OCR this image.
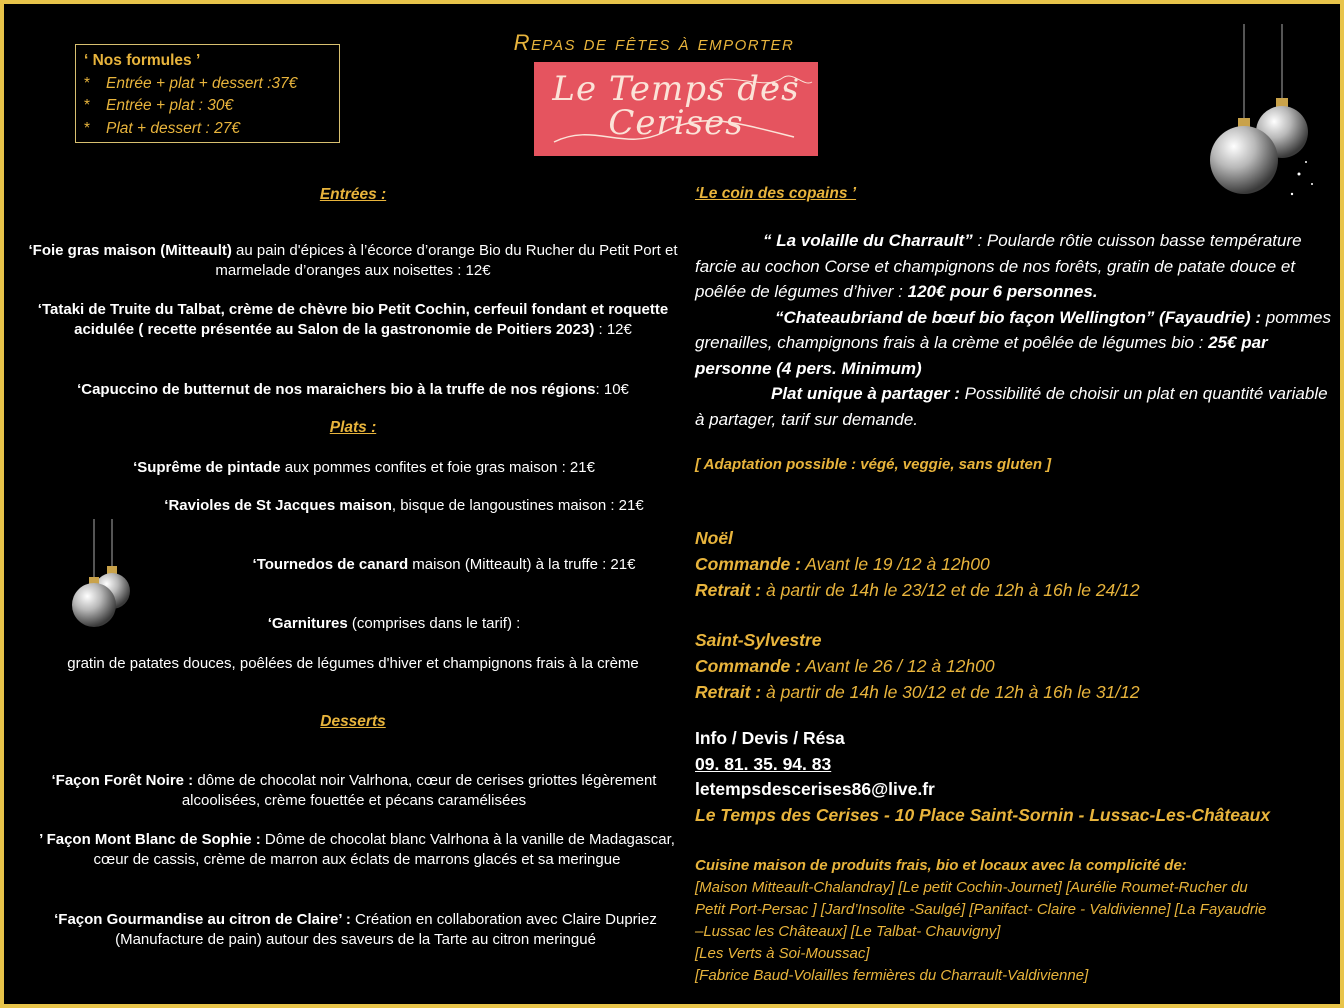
Repas de fêtes à emporter
Le Temps des Cerises
‘ Nos formules ’
* Entrée + plat + dessert :37€
* Entrée + plat : 30€
* Plat + dessert : 27€
Entrées :
‘Foie gras maison (Mitteault) au pain d'épices à l’écorce d’orange Bio du Rucher du Petit Port et marmelade d’oranges aux noisettes : 12€
‘Tataki de Truite du Talbat, crème de chèvre bio Petit Cochin, cerfeuil fondant et roquette acidulée ( recette présentée au Salon de la gastronomie de Poitiers 2023) : 12€
‘Capuccino de butternut de nos maraichers bio à la truffe de nos régions: 10€
Plats :
‘Suprême de pintade aux pommes confites et foie gras maison : 21€
‘Ravioles de St Jacques maison, bisque de langoustines maison : 21€
‘Tournedos de canard maison (Mitteault) à la truffe : 21€
‘Garnitures (comprises dans le tarif) :
gratin de patates douces, poêlées de légumes d'hiver et champignons frais à la crème
Desserts
‘Façon Forêt Noire : dôme de chocolat noir Valrhona, cœur de cerises griottes légèrement alcoolisées, crème fouettée et pécans caramélisées
’ Façon Mont Blanc de Sophie : Dôme de chocolat blanc Valrhona à la vanille de Madagascar, cœur de cassis, crème de marron aux éclats de marrons glacés et sa meringue
‘Façon Gourmandise au citron de Claire’ : Création en collaboration avec Claire Dupriez (Manufacture de pain) autour des saveurs de la Tarte au citron meringué
‘Le coin des copains ’
“ La volaille du Charrault” : Poularde rôtie cuisson basse température farcie au cochon Corse et champignons de nos forêts, gratin de patate douce et poêlée de légumes d’hiver : 120€ pour 6 personnes.
“Chateaubriand de bœuf bio façon Wellington” (Fayaudrie) : pommes grenailles, champignons frais à la crème et poêlée de légumes bio : 25€ par personne (4 pers. Minimum)
Plat unique à partager : Possibilité de choisir un plat en quantité variable à partager, tarif sur demande.
[ Adaptation possible : végé, veggie, sans gluten ]
Noël
Commande : Avant le 19 /12 à 12h00
Retrait : à partir de 14h le 23/12 et de 12h à 16h le 24/12
Saint-Sylvestre
Commande : Avant le 26 / 12 à 12h00
Retrait : à partir de 14h le 30/12 et de 12h à 16h le 31/12
Info / Devis / Résa
09. 81. 35. 94. 83
letempsdescerises86@live.fr
Le Temps des Cerises - 10 Place Saint-Sornin - Lussac-Les-Châteaux
Cuisine maison de produits frais, bio et locaux avec la complicité de:
[Maison Mitteault-Chalandray] [Le petit Cochin-Journet] [Aurélie Roumet-Rucher du
Petit Port-Persac ] [Jard’Insolite -Saulgé] [Panifact- Claire - Valdivienne] [La Fayaudrie
–Lussac les Châteaux] [Le Talbat- Chauvigny]
[Les Verts à Soi-Moussac]
[Fabrice Baud-Volailles fermières du Charrault-Valdivienne]
